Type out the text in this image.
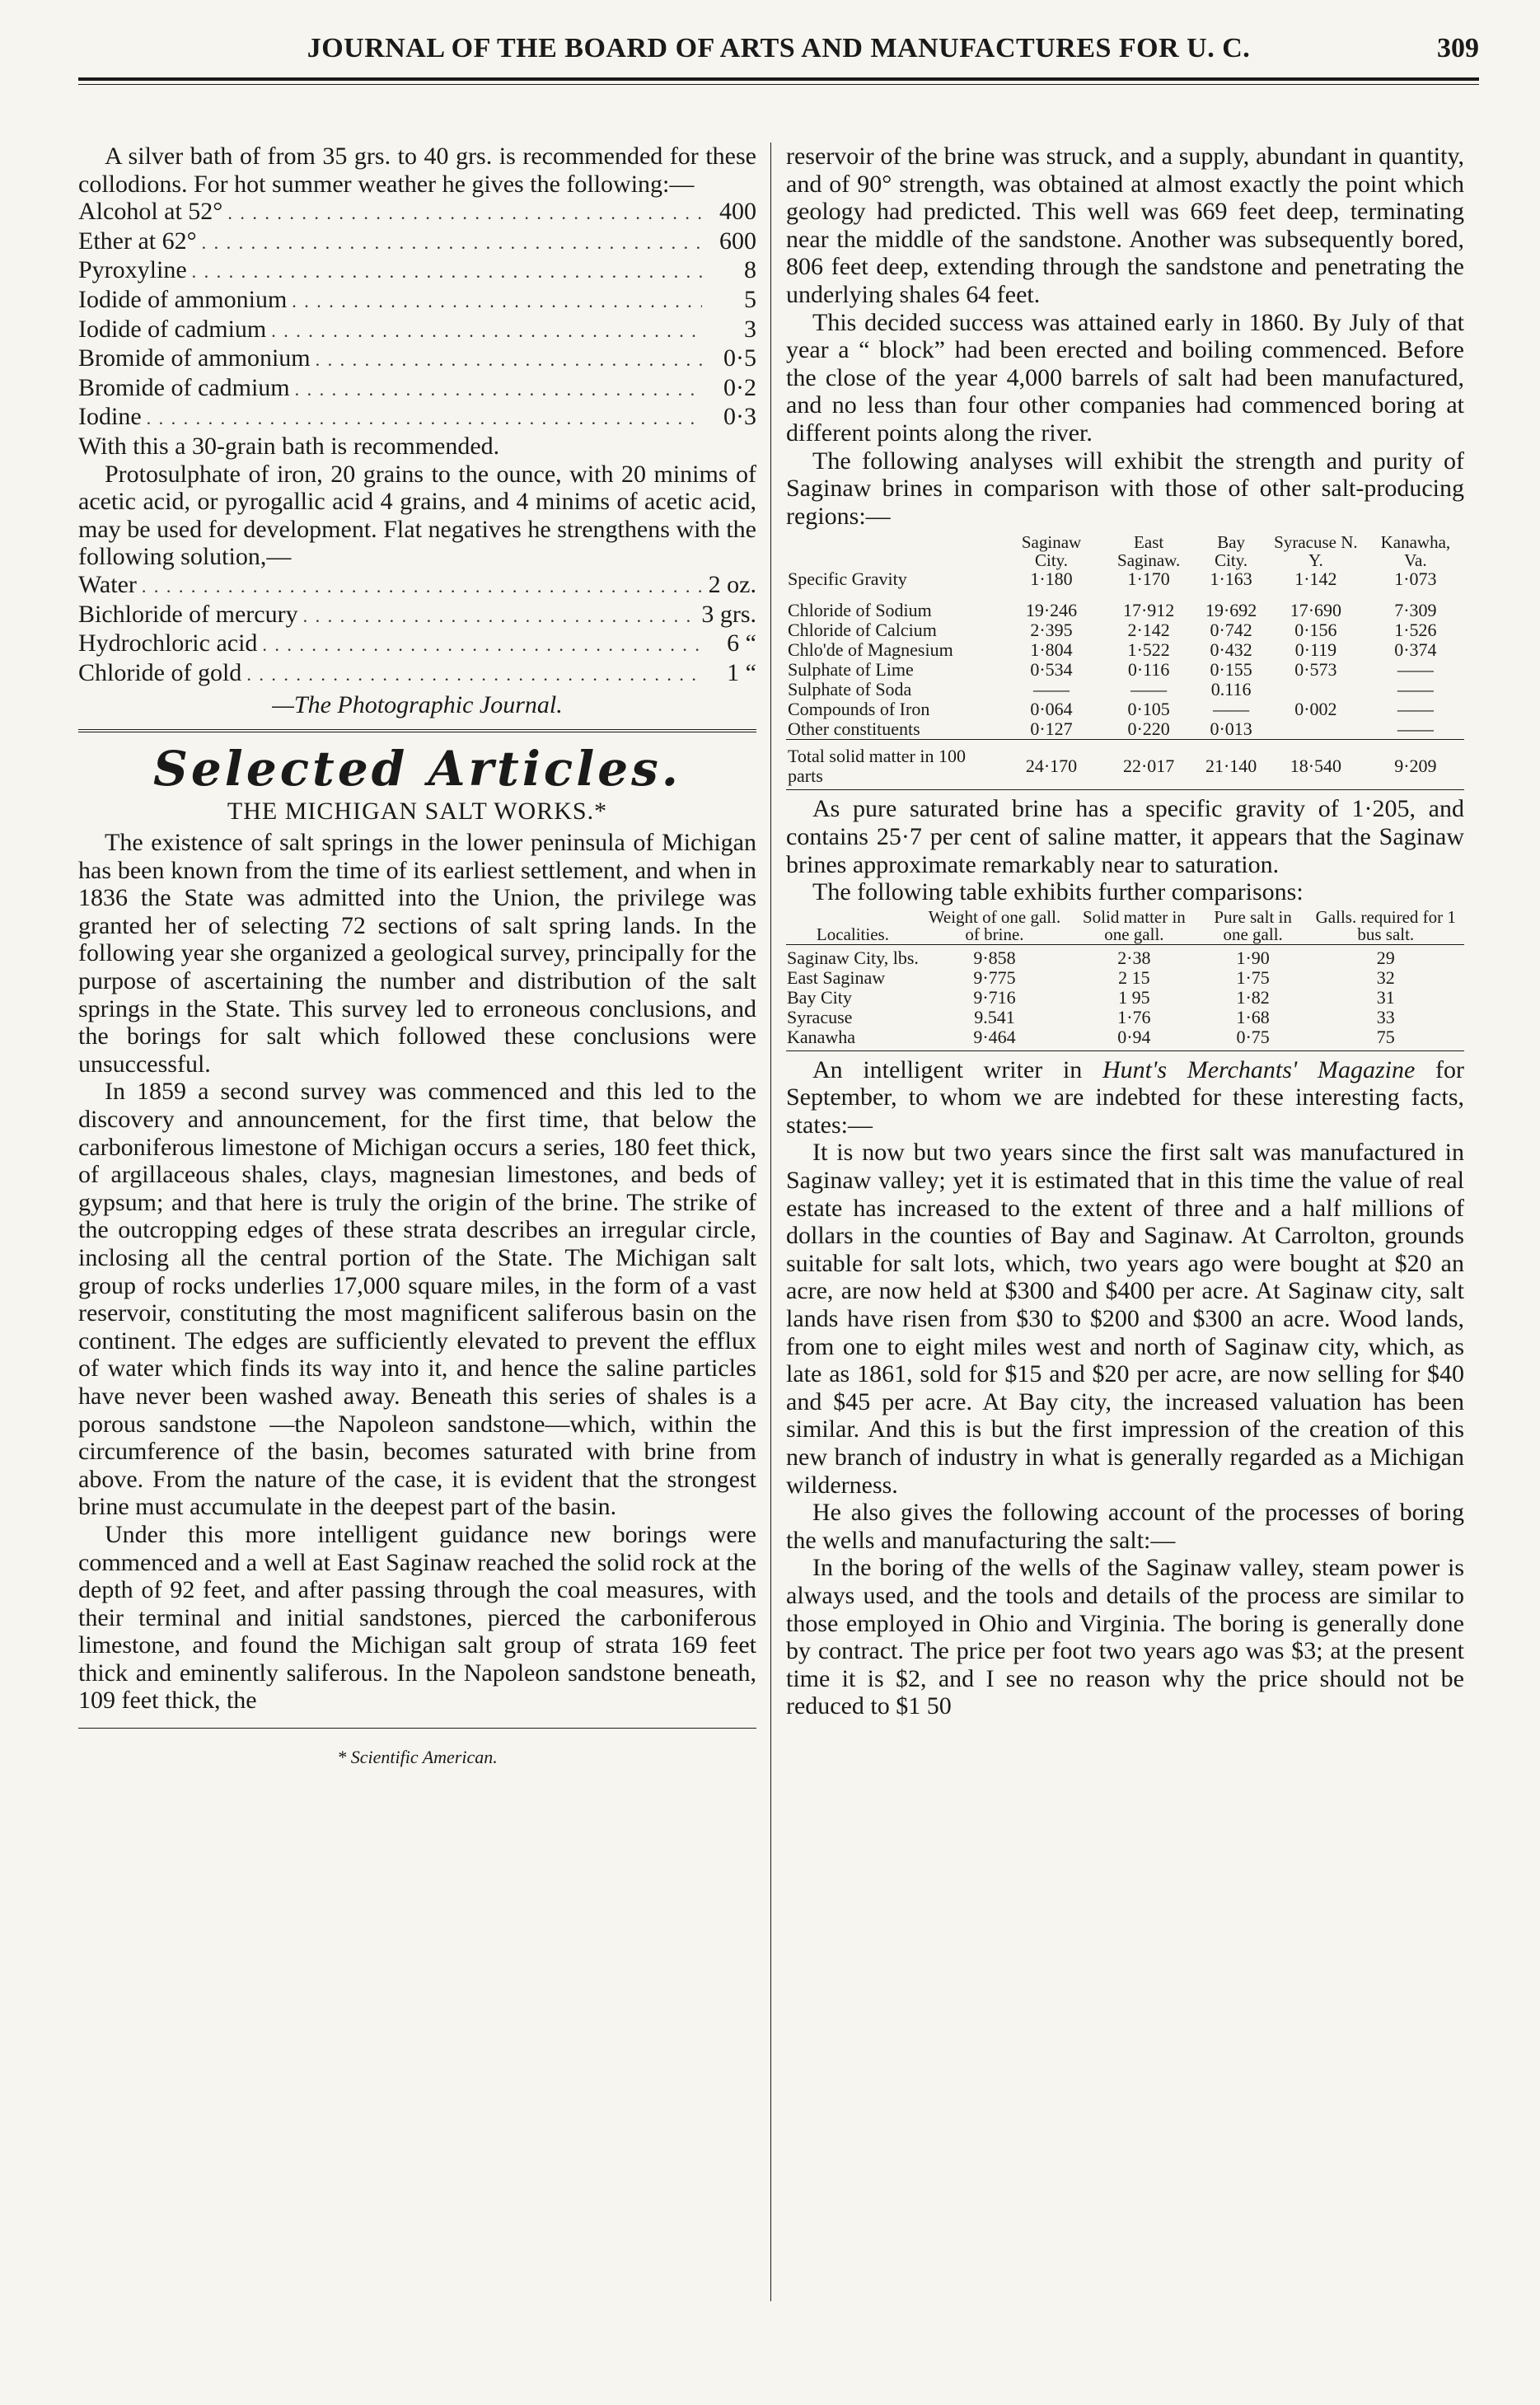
JOURNAL OF THE BOARD OF ARTS AND MANUFACTURES FOR U. C.	309

A silver bath of from 35 grs. to 40 grs. is recommended for these collodions. For hot summer weather he gives the following:—

Alcohol at 52° . . .	400
Ether at 62° . . .	600
Pyroxyline . . .	8
Iodide of ammonium . . .	5
Iodide of cadmium . . .	3
Bromide of ammonium . . .	0·5
Bromide of cadmium . . .	0·2
Iodine . . .	0·3

With this a 30-grain bath is recommended.

Protosulphate of iron, 20 grains to the ounce, with 20 minims of acetic acid, or pyrogallic acid 4 grains, and 4 minims of acetic acid, may be used for development. Flat negatives he strengthens with the following solution,—

Water . . .	2 oz.
Bichloride of mercury . . .	3 grs.
Hydrochloric acid . . .	6 “
Chloride of gold . . .	1 “

—The Photographic Journal.

Selected Articles.
THE MICHIGAN SALT WORKS.*

The existence of salt springs in the lower peninsula of Michigan has been known from the time of its earliest settlement, and when in 1836 the State was admitted into the Union, the privilege was granted her of selecting 72 sections of salt spring lands. In the following year she organized a geological survey, principally for the purpose of ascertaining the number and distribution of the salt springs in the State. This survey led to erroneous conclusions, and the borings for salt which followed these conclusions were unsuccessful.

In 1859 a second survey was commenced and this led to the discovery and announcement, for the first time, that below the carboniferous limestone of Michigan occurs a series, 180 feet thick, of argillaceous shales, clays, magnesian limestones, and beds of gypsum; and that here is truly the origin of the brine. The strike of the outcropping edges of these strata describes an irregular circle, inclosing all the central portion of the State. The Michigan salt group of rocks underlies 17,000 square miles, in the form of a vast reservoir, constituting the most magnificent saliferous basin on the continent. The edges are sufficiently elevated to prevent the efflux of water which finds its way into it, and hence the saline particles have never been washed away. Beneath this series of shales is a porous sandstone —the Napoleon sandstone—which, within the circumference of the basin, becomes saturated with brine from above. From the nature of the case, it is evident that the strongest brine must accumulate in the deepest part of the basin.

Under this more intelligent guidance new borings were commenced and a well at East Saginaw reached the solid rock at the depth of 92 feet, and after passing through the coal measures, with their terminal and initial sandstones, pierced the carboniferous limestone, and found the Michigan salt group of strata 169 feet thick and eminently saliferous. In the Napoleon sandstone beneath, 109 feet thick, the

* Scientific American.

reservoir of the brine was struck, and a supply, abundant in quantity, and of 90° strength, was obtained at almost exactly the point which geology had predicted. This well was 669 feet deep, terminating near the middle of the sandstone. Another was subsequently bored, 806 feet deep, extending through the sandstone and penetrating the underlying shales 64 feet.

This decided success was attained early in 1860. By July of that year a “ block” had been erected and boiling commenced. Before the close of the year 4,000 barrels of salt had been manufactured, and no less than four other companies had commenced boring at different points along the river.

The following analyses will exhibit the strength and purity of Saginaw brines in comparison with those of other salt-producing regions:—

	Saginaw City.	East Saginaw.	Bay City.	Syracuse N. Y.	Kanawha, Va.
Specific Gravity	1·180	1·170	1·163	1·142	1·073

Chloride of Sodium	19·246	17·912	19·692	17·690	7·309
Chloride of Calcium	2·395	2·142	0·742	0·156	1·526
Chlo'de of Magnesium	1·804	1·522	0·432	0·119	0·374
Sulphate of Lime	0·534	0·116	0·155	0·573	——
Sulphate of Soda	——	——	0.116		——
Compounds of Iron	0·064	0·105	——	0·002	——
Other constituents	0·127	0·220	0·013		——
Total solid matter in 100 parts	24·170	22·017	21·140	18·540	9·209

As pure saturated brine has a specific gravity of 1·205, and contains 25·7 per cent of saline matter, it appears that the Saginaw brines approximate remarkably near to saturation.

The following table exhibits further comparisons:

Localities.	Weight of one gall. of brine.	Solid matter in one gall.	Pure salt in one gall.	Galls. required for 1 bus salt.

Saginaw City, lbs.	9·858	2·38	1·90	29
East Saginaw	9·775	2 15	1·75	32
Bay City	9·716	1 95	1·82	31
Syracuse	9.541	1·76	1·68	33
Kanawha	9·464	0·94	0·75	75

An intelligent writer in Hunt's Merchants' Magazine for September, to whom we are indebted for these interesting facts, states:—

It is now but two years since the first salt was manufactured in Saginaw valley; yet it is estimated that in this time the value of real estate has increased to the extent of three and a half millions of dollars in the counties of Bay and Saginaw. At Carrolton, grounds suitable for salt lots, which, two years ago were bought at $20 an acre, are now held at $300 and $400 per acre. At Saginaw city, salt lands have risen from $30 to $200 and $300 an acre. Wood lands, from one to eight miles west and north of Saginaw city, which, as late as 1861, sold for $15 and $20 per acre, are now selling for $40 and $45 per acre. At Bay city, the increased valuation has been similar. And this is but the first impression of the creation of this new branch of industry in what is generally regarded as a Michigan wilderness.

He also gives the following account of the processes of boring the wells and manufacturing the salt:—

In the boring of the wells of the Saginaw valley, steam power is always used, and the tools and details of the process are similar to those employed in Ohio and Virginia. The boring is generally done by contract. The price per foot two years ago was $3; at the present time it is $2, and I see no reason why the price should not be reduced to $1 50
